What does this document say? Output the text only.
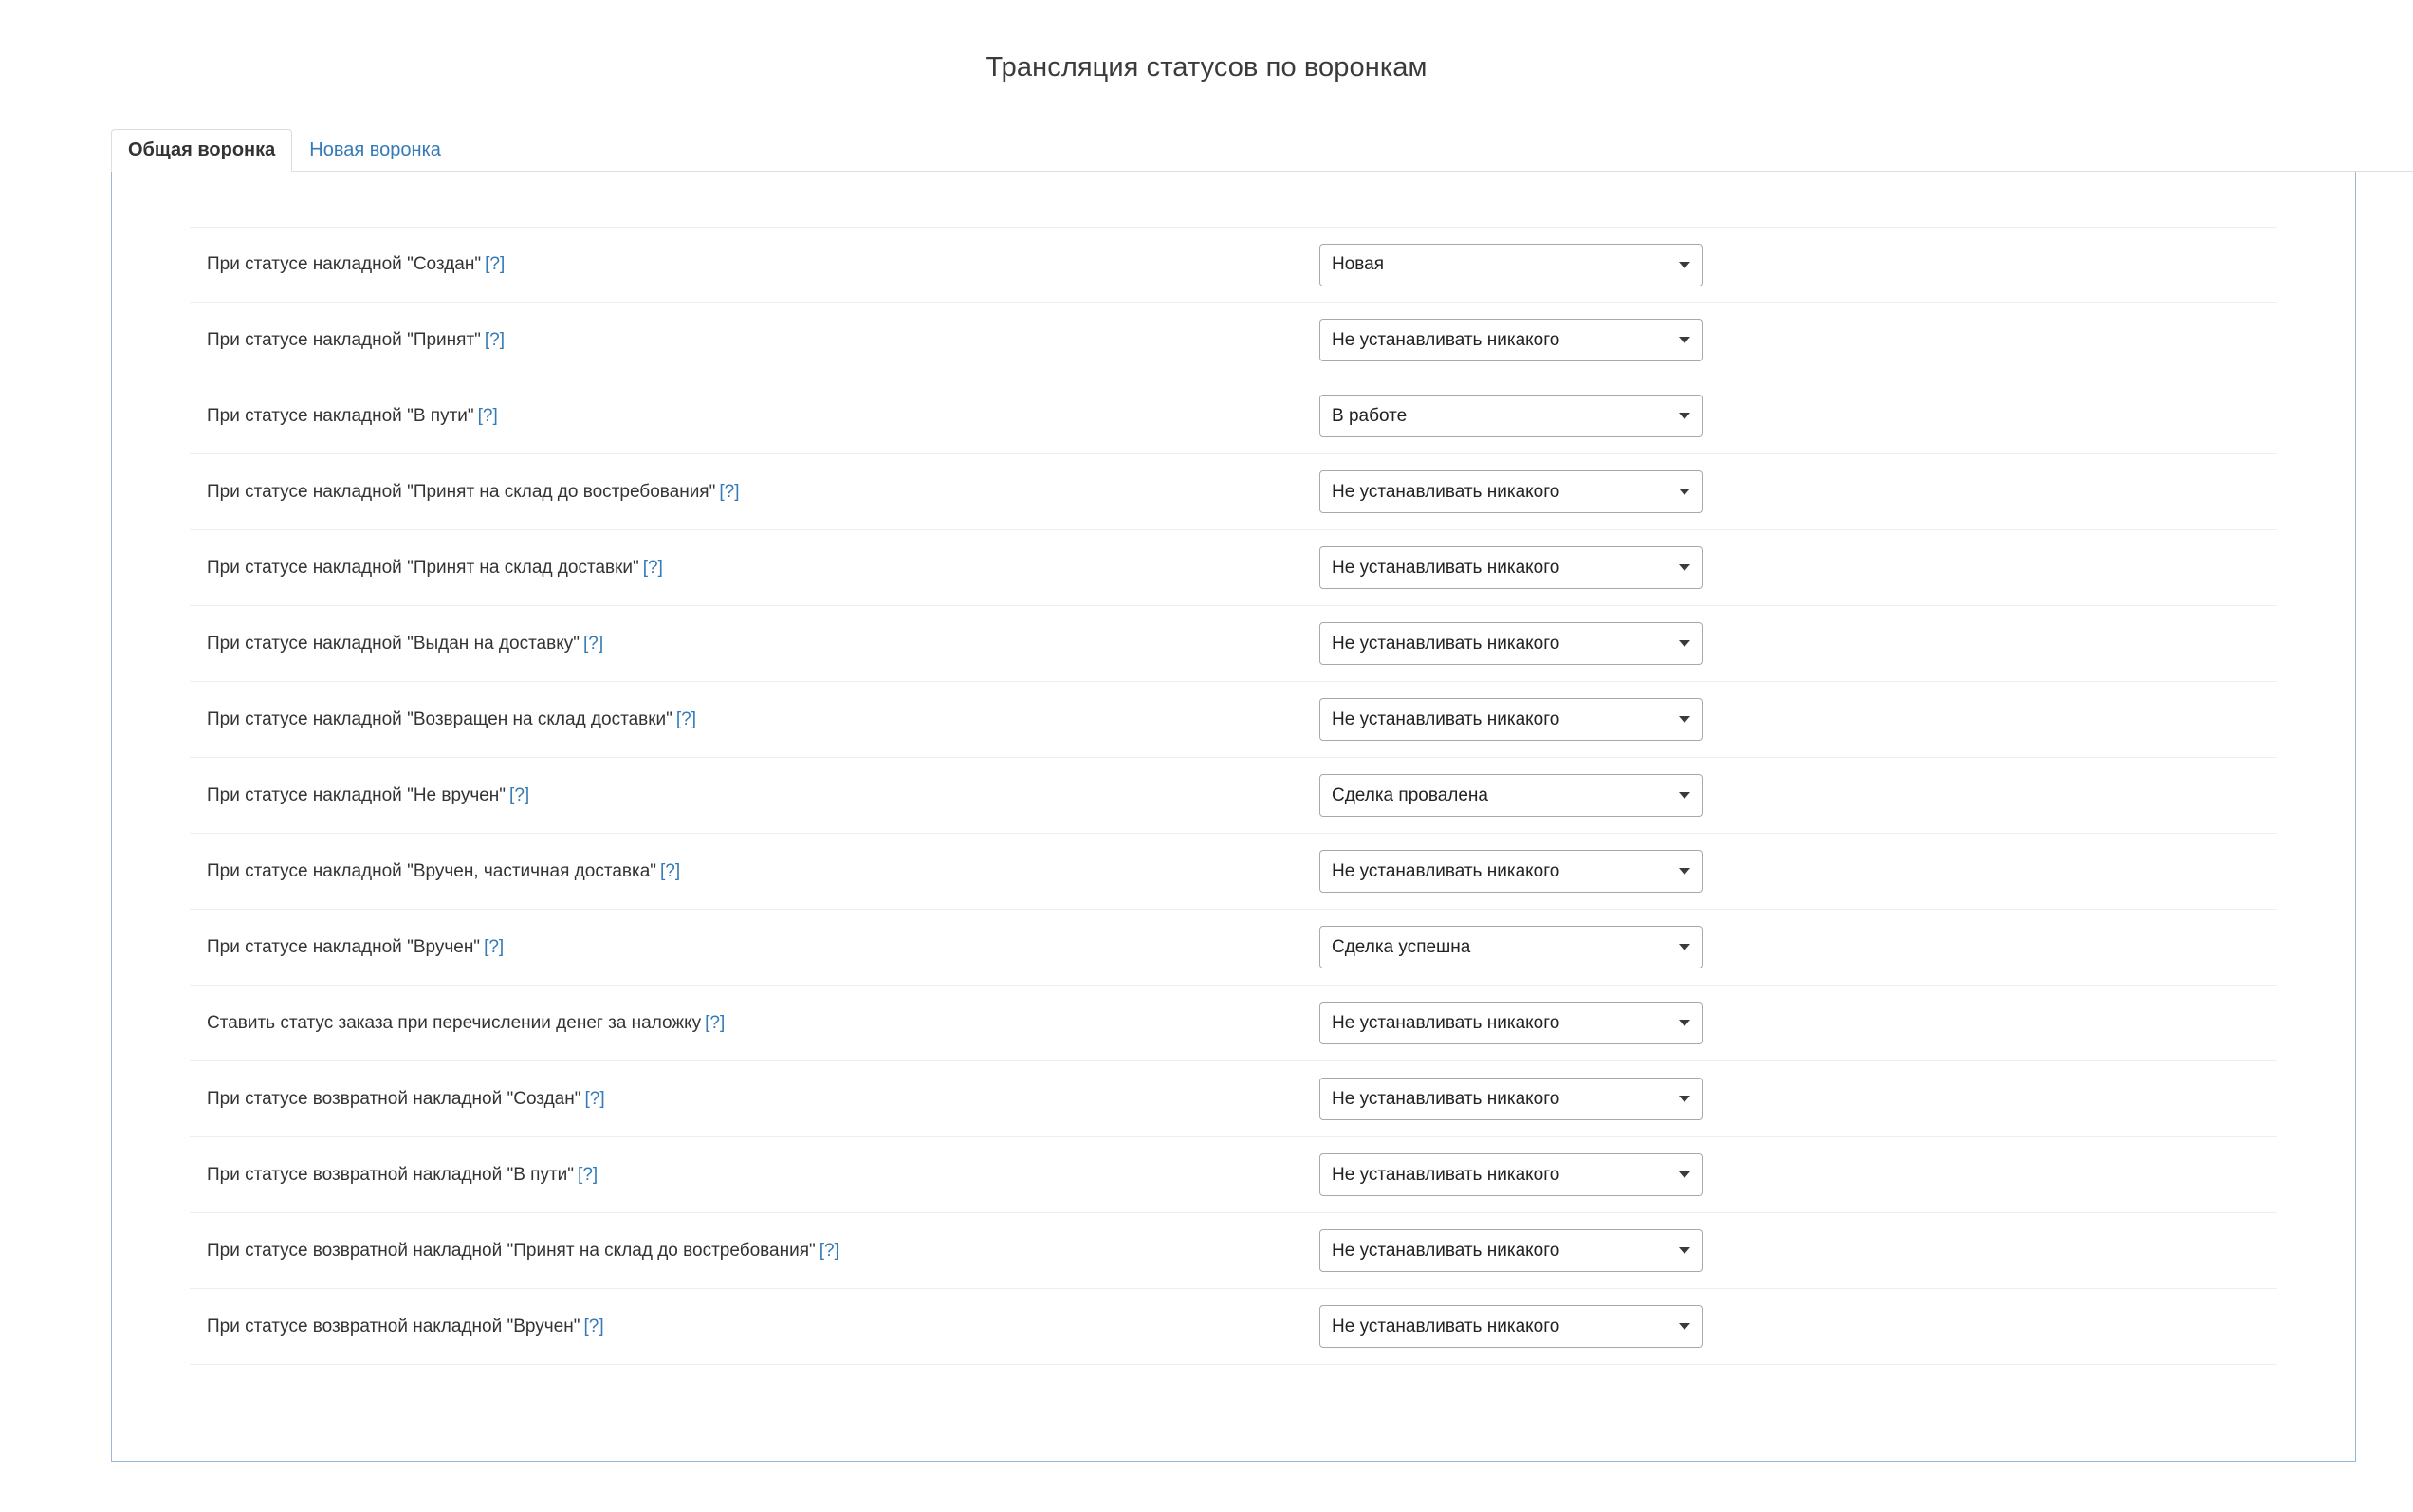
Трансляция статусов по воронкам
Общая воронка	Новая воронка
При статусе накладной "Создан" [?]	Новая
При статусе накладной "Принят" [?]	Не устанавливать никакого
При статусе накладной "В пути" [?]	В работе
При статусе накладной "Принят на склад до востребования" [?]	Не устанавливать никакого
При статусе накладной "Принят на склад доставки" [?]	Не устанавливать никакого
При статусе накладной "Выдан на доставку" [?]	Не устанавливать никакого
При статусе накладной "Возвращен на склад доставки" [?]	Не устанавливать никакого
При статусе накладной "Не вручен" [?]	Сделка провалена
При статусе накладной "Вручен, частичная доставка" [?]	Не устанавливать никакого
При статусе накладной "Вручен" [?]	Сделка успешна
Ставить статус заказа при перечислении денег за наложку [?]	Не устанавливать никакого
При статусе возвратной накладной "Создан" [?]	Не устанавливать никакого
При статусе возвратной накладной "В пути" [?]	Не устанавливать никакого
При статусе возвратной накладной "Принят на склад до востребования" [?]	Не устанавливать никакого
При статусе возвратной накладной "Вручен" [?]	Не устанавливать никакого
